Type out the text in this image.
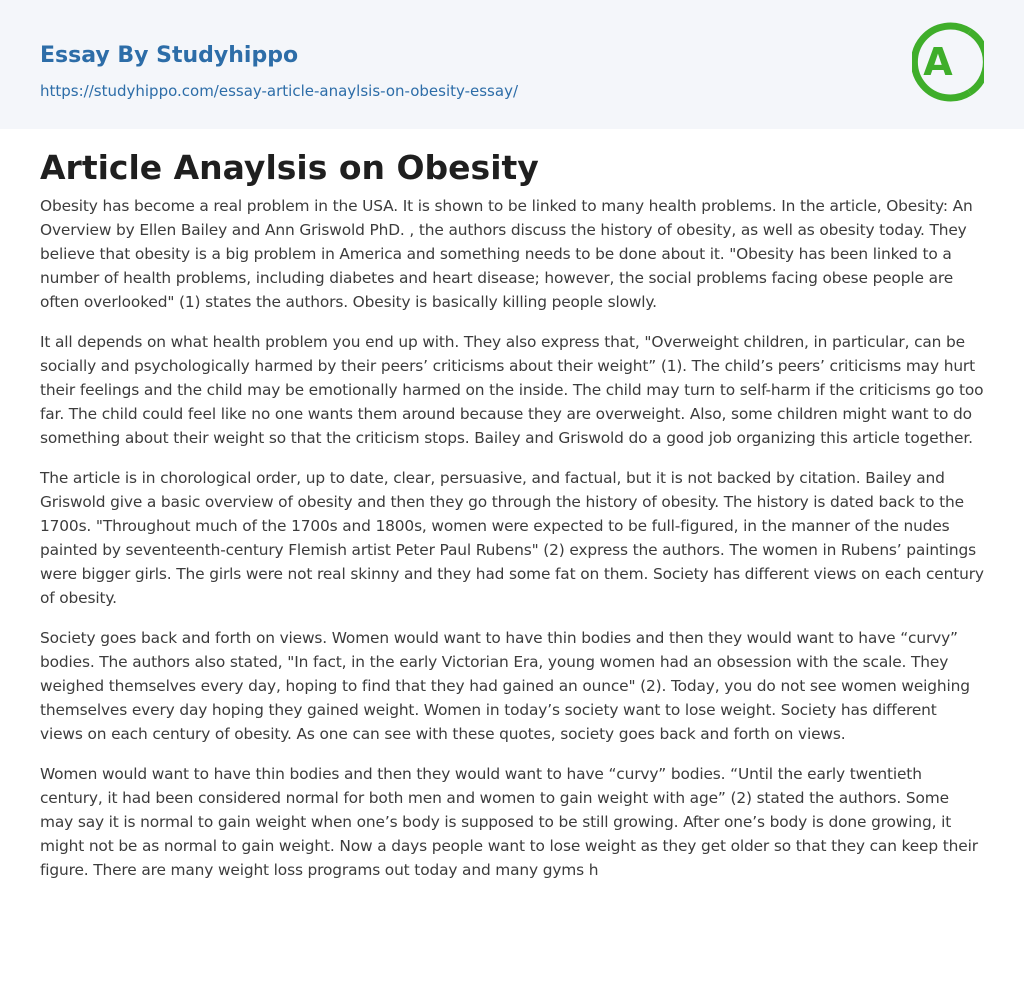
Essay By Studyhippo
https://studyhippo.com/essay-article-anaylsis-on-obesity-essay/
A
Article Anaylsis on Obesity

Obesity has become a real problem in the USA. It is shown to be linked to many health problems. In the article, Obesity: An Overview by Ellen Bailey and Ann Griswold PhD. , the authors discuss the history of obesity, as well as obesity today. They believe that obesity is a big problem in America and something needs to be done about it. "Obesity has been linked to a number of health problems, including diabetes and heart disease; however, the social problems facing obese people are often overlooked" (1) states the authors. Obesity is basically killing people slowly.

It all depends on what health problem you end up with. They also express that, "Overweight children, in particular, can be socially and psychologically harmed by their peers’ criticisms about their weight” (1). The child’s peers’ criticisms may hurt their feelings and the child may be emotionally harmed on the inside. The child may turn to self-harm if the criticisms go too far. The child could feel like no one wants them around because they are overweight. Also, some children might want to do something about their weight so that the criticism stops. Bailey and Griswold do a good job organizing this article together.

The article is in chorological order, up to date, clear, persuasive, and factual, but it is not backed by citation. Bailey and Griswold give a basic overview of obesity and then they go through the history of obesity. The history is dated back to the 1700s. "Throughout much of the 1700s and 1800s, women were expected to be full-figured, in the manner of the nudes painted by seventeenth-century Flemish artist Peter Paul Rubens" (2) express the authors. The women in Rubens’ paintings were bigger girls. The girls were not real skinny and they had some fat on them. Society has different views on each century of obesity.

Society goes back and forth on views. Women would want to have thin bodies and then they would want to have “curvy” bodies. The authors also stated, "In fact, in the early Victorian Era, young women had an obsession with the scale. They weighed themselves every day, hoping to find that they had gained an ounce" (2). Today, you do not see women weighing themselves every day hoping they gained weight. Women in today’s society want to lose weight. Society has different views on each century of obesity. As one can see with these quotes, society goes back and forth on views.

Women would want to have thin bodies and then they would want to have “curvy” bodies. “Until the early twentieth century, it had been considered normal for both men and women to gain weight with age” (2) stated the authors. Some may say it is normal to gain weight when one’s body is supposed to be still growing. After one’s body is done growing, it might not be as normal to gain weight. Now a days people want to lose weight as they get older so that they can keep their figure. There are many weight loss programs out today and many gyms h
